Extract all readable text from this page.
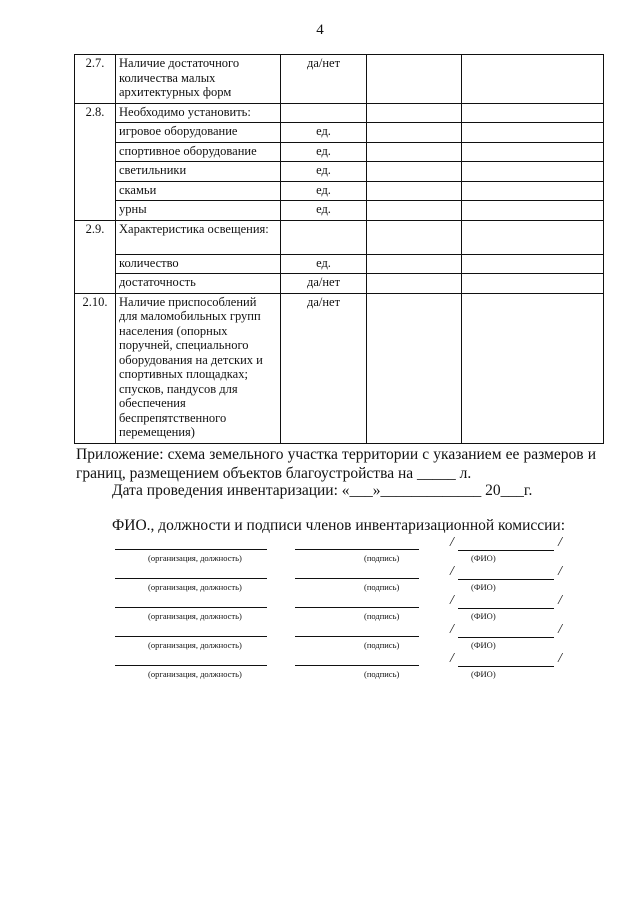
4
2.7.	Наличие достаточного количества малых архитектурных форм	да/нет		
2.8.	Необходимо установить:			
	игровое оборудование	ед.		
	спортивное оборудование	ед.		
	светильники	ед.		
	скамьи	ед.		
	урны	ед.		
2.9.	Характеристика освещения:			
	количество	ед.		
	достаточность	да/нет		
2.10.	Наличие приспособлений для маломобильных групп населения (опорных поручней, специального оборудования на детских и спортивных площадках; спусков, пандусов для обеспечения беспрепятственного перемещения)	да/нет		
Приложение: схема земельного участка территории с указанием ее размеров и границ, размещением объектов благоустройства на _____ л.
Дата проведения инвентаризации: «___»_____________ 20___г.
ФИО., должности и подписи членов инвентаризационной комиссии:
/	/
(организация, должность)	(подпись)	(ФИО)
/	/
(организация, должность)	(подпись)	(ФИО)
/	/
(организация, должность)	(подпись)	(ФИО)
/	/
(организация, должность)	(подпись)	(ФИО)
/	/
(организация, должность)	(подпись)	(ФИО)
